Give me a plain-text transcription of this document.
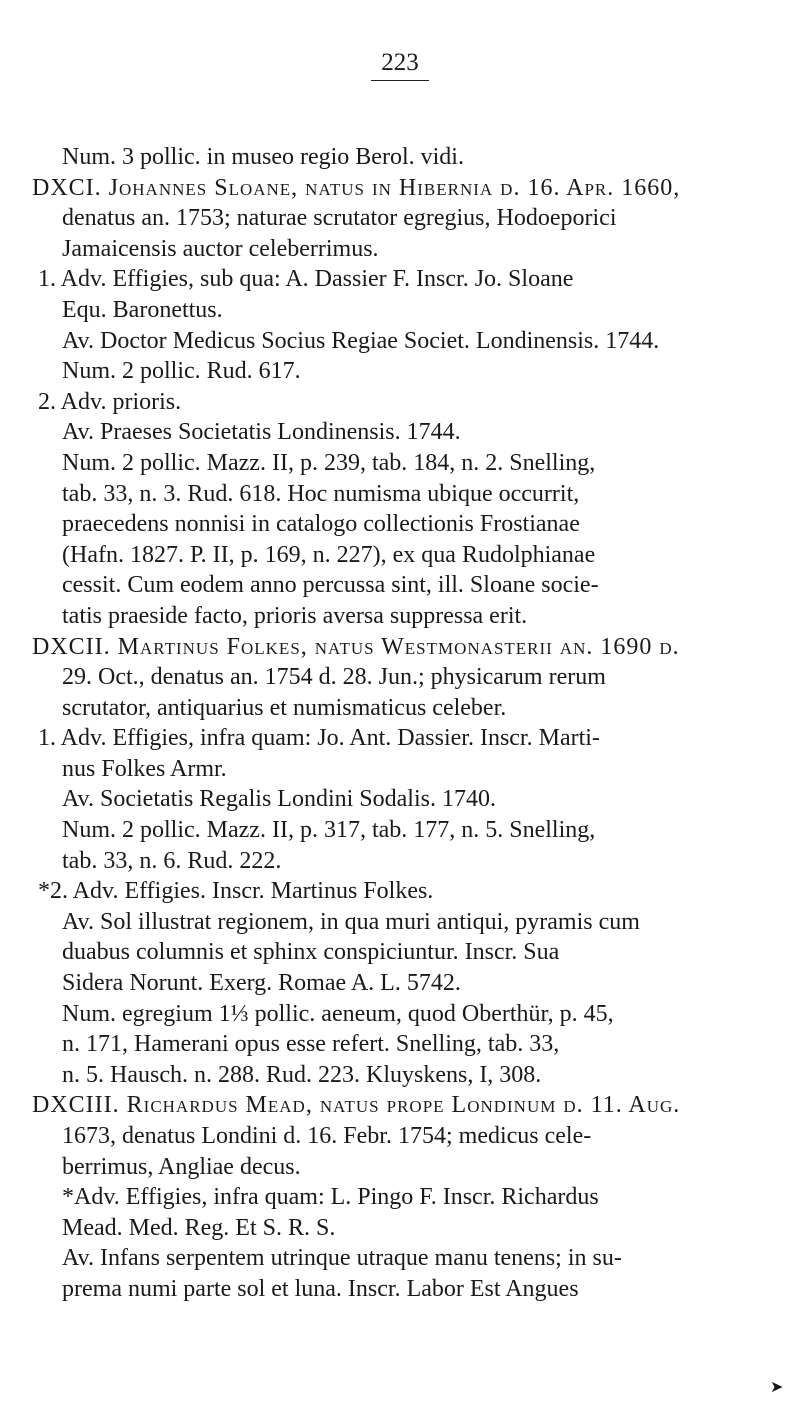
223
Num. 3 pollic. in museo regio Berol. vidi.
DXCI. Johannes Sloane, natus in Hibernia d. 16. Apr. 1660,
denatus an. 1753; naturae scrutator egregius, Hodoeporici
Jamaicensis auctor celeberrimus.
1. Adv. Effigies, sub qua: A. Dassier F. Inscr. Jo. Sloane
Equ. Baronettus.
Av. Doctor Medicus Socius Regiae Societ. Londinensis. 1744.
Num. 2 pollic. Rud. 617.
2. Adv. prioris.
Av. Praeses Societatis Londinensis. 1744.
Num. 2 pollic. Mazz. II, p. 239, tab. 184, n. 2. Snelling,
tab. 33, n. 3. Rud. 618. Hoc numisma ubique occurrit,
praecedens nonnisi in catalogo collectionis Frostianae
(Hafn. 1827. P. II, p. 169, n. 227), ex qua Rudolphianae
cessit. Cum eodem anno percussa sint, ill. Sloane socie-
tatis praeside facto, prioris aversa suppressa erit.
DXCII. Martinus Folkes, natus Westmonasterii an. 1690 d.
29. Oct., denatus an. 1754 d. 28. Jun.; physicarum rerum
scrutator, antiquarius et numismaticus celeber.
1. Adv. Effigies, infra quam: Jo. Ant. Dassier. Inscr. Marti-
nus Folkes Armr.
Av. Societatis Regalis Londini Sodalis. 1740.
Num. 2 pollic. Mazz. II, p. 317, tab. 177, n. 5. Snelling,
tab. 33, n. 6. Rud. 222.
*2. Adv. Effigies. Inscr. Martinus Folkes.
Av. Sol illustrat regionem, in qua muri antiqui, pyramis cum
duabus columnis et sphinx conspiciuntur. Inscr. Sua
Sidera Norunt. Exerg. Romae A. L. 5742.
Num. egregium 1⅓ pollic. aeneum, quod Oberthür, p. 45,
n. 171, Hamerani opus esse refert. Snelling, tab. 33,
n. 5. Hausch. n. 288. Rud. 223. Kluyskens, I, 308.
DXCIII. Richardus Mead, natus prope Londinum d. 11. Aug.
1673, denatus Londini d. 16. Febr. 1754; medicus cele-
berrimus, Angliae decus.
*Adv. Effigies, infra quam: L. Pingo F. Inscr. Richardus
Mead. Med. Reg. Et S. R. S.
Av. Infans serpentem utrinque utraque manu tenens; in su-
prema numi parte sol et luna. Inscr. Labor Est Angues
➤
